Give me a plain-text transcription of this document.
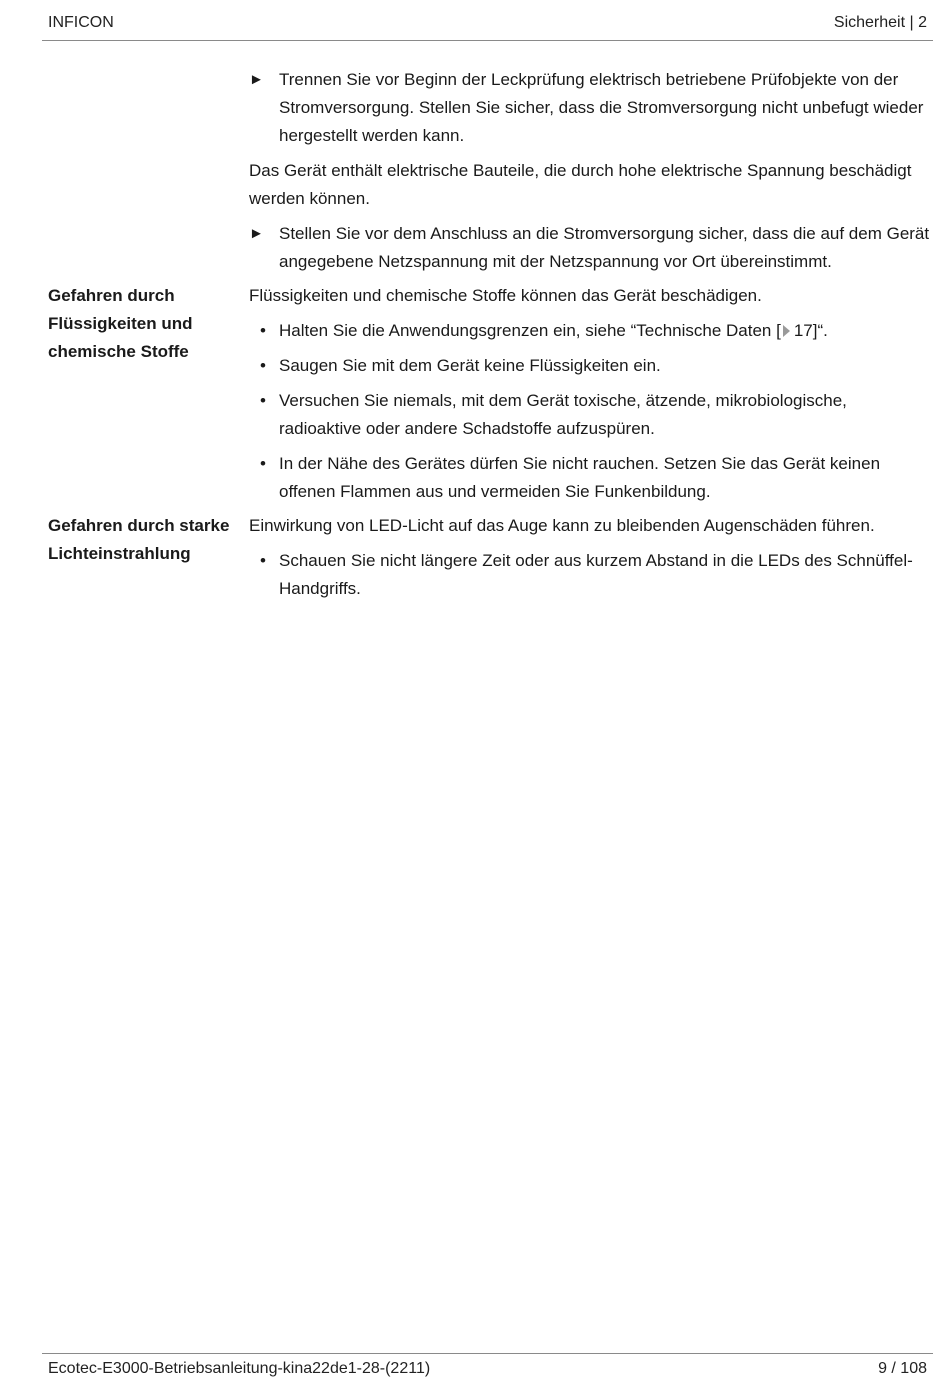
INFICON	Sicherheit | 2
► Trennen Sie vor Beginn der Leckprüfung elektrisch betriebene Prüfobjekte von der Stromversorgung. Stellen Sie sicher, dass die Stromversorgung nicht unbefugt wieder hergestellt werden kann.

Das Gerät enthält elektrische Bauteile, die durch hohe elektrische Spannung beschädigt werden können.

► Stellen Sie vor dem Anschluss an die Stromversorgung sicher, dass die auf dem Gerät angegebene Netzspannung mit der Netzspannung vor Ort übereinstimmt.
Gefahren durch Flüssigkeiten und chemische Stoffe

Flüssigkeiten und chemische Stoffe können das Gerät beschädigen.

• Halten Sie die Anwendungsgrenzen ein, siehe “Technische Daten [ 17]“.
• Saugen Sie mit dem Gerät keine Flüssigkeiten ein.
• Versuchen Sie niemals, mit dem Gerät toxische, ätzende, mikrobiologische, radioaktive oder andere Schadstoffe aufzuspüren.
• In der Nähe des Gerätes dürfen Sie nicht rauchen. Setzen Sie das Gerät keinen offenen Flammen aus und vermeiden Sie Funkenbildung.
Gefahren durch starke Lichteinstrahlung

Einwirkung von LED-Licht auf das Auge kann zu bleibenden Augenschäden führen.

• Schauen Sie nicht längere Zeit oder aus kurzem Abstand in die LEDs des Schnüffel-Handgriffs.
Ecotec-E3000-Betriebsanleitung-kina22de1-28-(2211)	9 / 108
